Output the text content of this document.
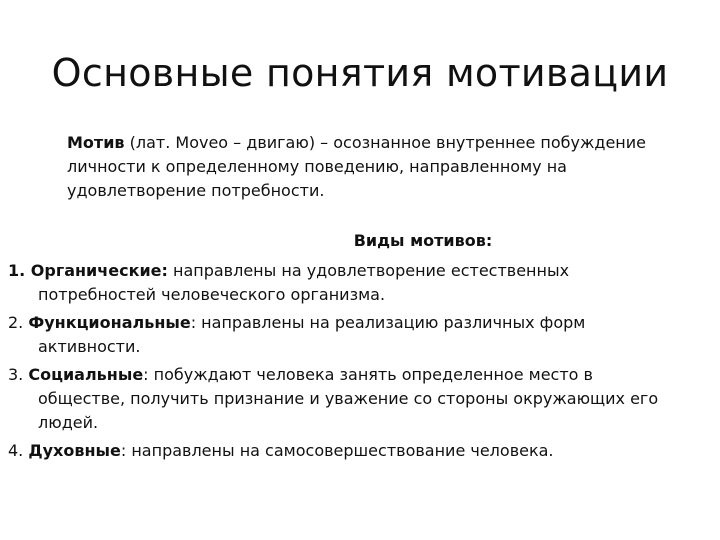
Основные понятия мотивации

Мотив (лат. Moveo – двигаю) – осознанное внутреннее побуждение личности к определенному поведению, направленному на удовлетворение потребности.

Виды мотивов:
1. Органические: направлены на удовлетворение естественных потребностей человеческого организма.
2. Функциональные: направлены на реализацию различных форм активности.
3. Социальные: побуждают человека занять определенное место в обществе, получить признание и уважение со стороны окружающих его людей.
4. Духовные: направлены на самосовершествование человека.
